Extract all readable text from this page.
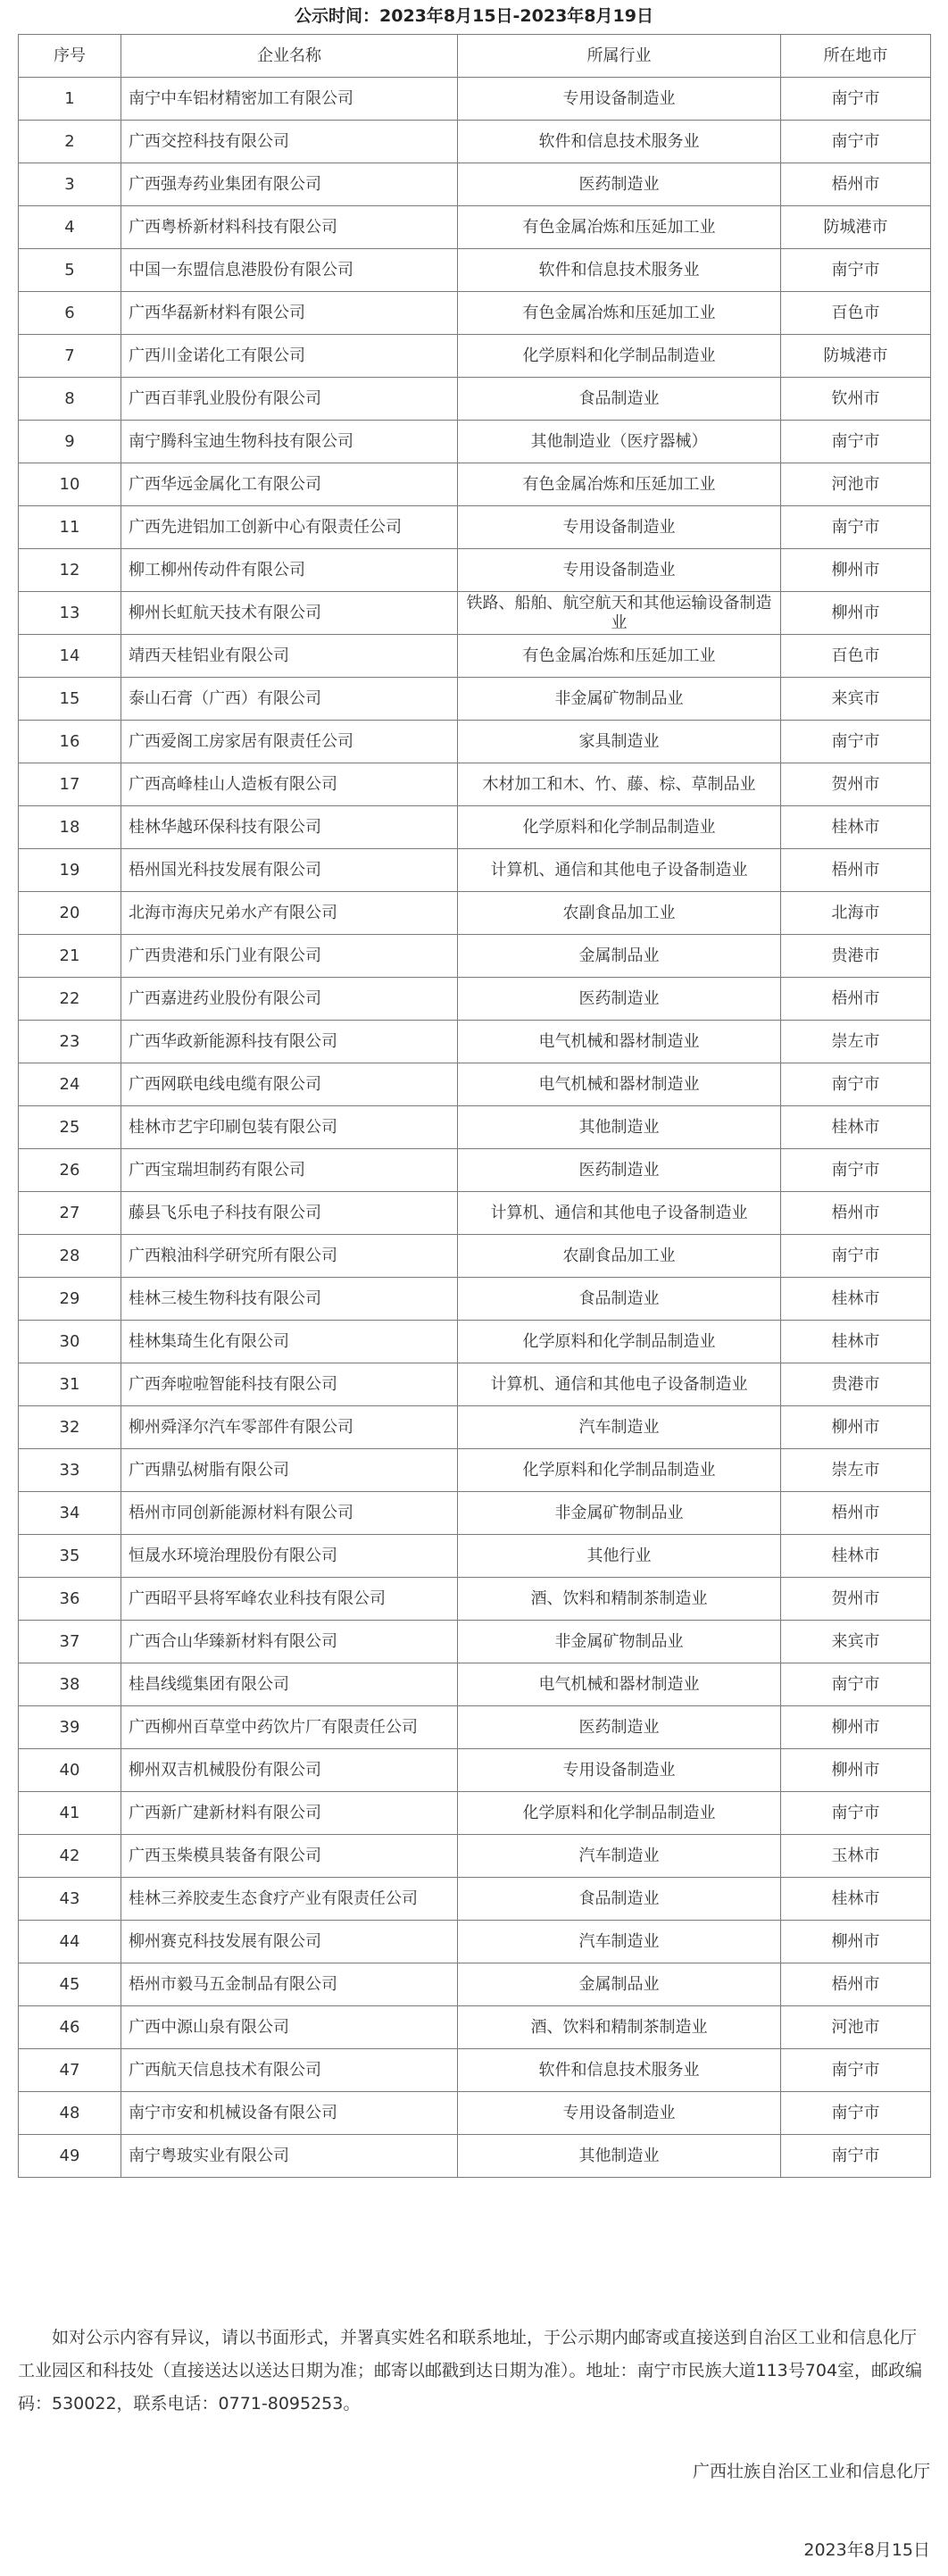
公示时间：2023年8月15日-2023年8月19日
序号	企业名称	所属行业	所在地市
1	南宁中车铝材精密加工有限公司	专用设备制造业	南宁市
2	广西交控科技有限公司	软件和信息技术服务业	南宁市
3	广西强寿药业集团有限公司	医药制造业	梧州市
4	广西粤桥新材料科技有限公司	有色金属冶炼和压延加工业	防城港市
5	中国一东盟信息港股份有限公司	软件和信息技术服务业	南宁市
6	广西华磊新材料有限公司	有色金属冶炼和压延加工业	百色市
7	广西川金诺化工有限公司	化学原料和化学制品制造业	防城港市
8	广西百菲乳业股份有限公司	食品制造业	钦州市
9	南宁腾科宝迪生物科技有限公司	其他制造业（医疗器械）	南宁市
10	广西华远金属化工有限公司	有色金属冶炼和压延加工业	河池市
11	广西先进铝加工创新中心有限责任公司	专用设备制造业	南宁市
12	柳工柳州传动件有限公司	专用设备制造业	柳州市
13	柳州长虹航天技术有限公司	铁路、船舶、航空航天和其他运输设备制造业	柳州市
14	靖西天桂铝业有限公司	有色金属冶炼和压延加工业	百色市
15	泰山石膏（广西）有限公司	非金属矿物制品业	来宾市
16	广西爱阁工房家居有限责任公司	家具制造业	南宁市
17	广西高峰桂山人造板有限公司	木材加工和木、竹、藤、棕、草制品业	贺州市
18	桂林华越环保科技有限公司	化学原料和化学制品制造业	桂林市
19	梧州国光科技发展有限公司	计算机、通信和其他电子设备制造业	梧州市
20	北海市海庆兄弟水产有限公司	农副食品加工业	北海市
21	广西贵港和乐门业有限公司	金属制品业	贵港市
22	广西嘉进药业股份有限公司	医药制造业	梧州市
23	广西华政新能源科技有限公司	电气机械和器材制造业	崇左市
24	广西网联电线电缆有限公司	电气机械和器材制造业	南宁市
25	桂林市艺宇印刷包装有限公司	其他制造业	桂林市
26	广西宝瑞坦制药有限公司	医药制造业	南宁市
27	藤县飞乐电子科技有限公司	计算机、通信和其他电子设备制造业	梧州市
28	广西粮油科学研究所有限公司	农副食品加工业	南宁市
29	桂林三棱生物科技有限公司	食品制造业	桂林市
30	桂林集琦生化有限公司	化学原料和化学制品制造业	桂林市
31	广西奔啦啦智能科技有限公司	计算机、通信和其他电子设备制造业	贵港市
32	柳州舜泽尔汽车零部件有限公司	汽车制造业	柳州市
33	广西鼎弘树脂有限公司	化学原料和化学制品制造业	崇左市
34	梧州市同创新能源材料有限公司	非金属矿物制品业	梧州市
35	恒晟水环境治理股份有限公司	其他行业	桂林市
36	广西昭平县将军峰农业科技有限公司	酒、饮料和精制茶制造业	贺州市
37	广西合山华臻新材料有限公司	非金属矿物制品业	来宾市
38	桂昌线缆集团有限公司	电气机械和器材制造业	南宁市
39	广西柳州百草堂中药饮片厂有限责任公司	医药制造业	柳州市
40	柳州双吉机械股份有限公司	专用设备制造业	柳州市
41	广西新广建新材料有限公司	化学原料和化学制品制造业	南宁市
42	广西玉柴模具装备有限公司	汽车制造业	玉林市
43	桂林三养胶麦生态食疗产业有限责任公司	食品制造业	桂林市
44	柳州赛克科技发展有限公司	汽车制造业	柳州市
45	梧州市毅马五金制品有限公司	金属制品业	梧州市
46	广西中源山泉有限公司	酒、饮料和精制茶制造业	河池市
47	广西航天信息技术有限公司	软件和信息技术服务业	南宁市
48	南宁市安和机械设备有限公司	专用设备制造业	南宁市
49	南宁粤玻实业有限公司	其他制造业	南宁市

如对公示内容有异议，请以书面形式，并署真实姓名和联系地址，于公示期内邮寄或直接送到自治区工业和信息化厅工业园区和科技处（直接送达以送达日期为准；邮寄以邮戳到达日期为准）。地址：南宁市民族大道113号704室，邮政编码：530022，联系电话：0771-8095253。

广西壮族自治区工业和信息化厅
2023年8月15日
